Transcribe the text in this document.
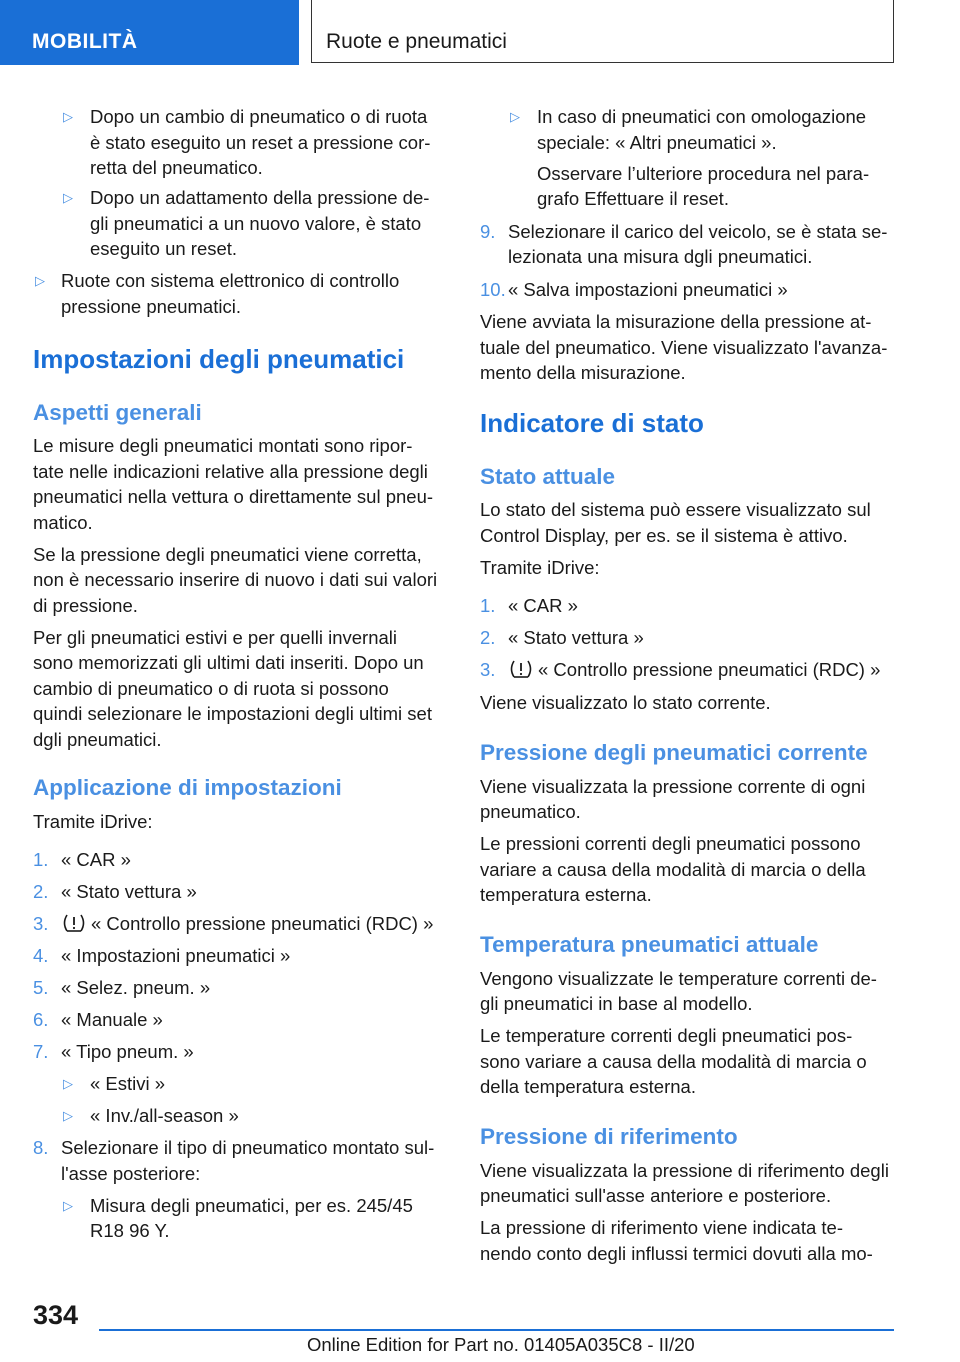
MOBILITÀ	Ruote e pneumatici
▷ Dopo un cambio di pneumatico o di ruota
è stato eseguito un reset a pressione cor-
retta del pneumatico.
▷ Dopo un adattamento della pressione de-
gli pneumatici a un nuovo valore, è stato
eseguito un reset.
▷ Ruote con sistema elettronico di controllo
pressione pneumatici.
Impostazioni degli pneumatici
Aspetti generali
Le misure degli pneumatici montati sono ripor-
tate nelle indicazioni relative alla pressione degli
pneumatici nella vettura o direttamente sul pneu-
matico.
Se la pressione degli pneumatici viene corretta,
non è necessario inserire di nuovo i dati sui valori
di pressione.
Per gli pneumatici estivi e per quelli invernali
sono memorizzati gli ultimi dati inseriti. Dopo un
cambio di pneumatico o di ruota si possono
quindi selezionare le impostazioni degli ultimi set
dgli pneumatici.
Applicazione di impostazioni
Tramite iDrive:
1. « CAR »
2. « Stato vettura »
3. « Controllo pressione pneumatici (RDC) »
4. « Impostazioni pneumatici »
5. « Selez. pneum. »
6. « Manuale »
7. « Tipo pneum. »
▷ « Estivi »
▷ « Inv./all-season »
8. Selezionare il tipo di pneumatico montato sul-
l'asse posteriore:
▷ Misura degli pneumatici, per es. 245/45
R18 96 Y.
▷ In caso di pneumatici con omologazione
speciale: « Altri pneumatici ».
Osservare l’ulteriore procedura nel para-
grafo Effettuare il reset.
9. Selezionare il carico del veicolo, se è stata se-
lezionata una misura dgli pneumatici.
10. « Salva impostazioni pneumatici »
Viene avviata la misurazione della pressione at-
tuale del pneumatico. Viene visualizzato l'avanza-
mento della misurazione.
Indicatore di stato
Stato attuale
Lo stato del sistema può essere visualizzato sul
Control Display, per es. se il sistema è attivo.
Tramite iDrive:
1. « CAR »
2. « Stato vettura »
3. « Controllo pressione pneumatici (RDC) »
Viene visualizzato lo stato corrente.
Pressione degli pneumatici corrente
Viene visualizzata la pressione corrente di ogni
pneumatico.
Le pressioni correnti degli pneumatici possono
variare a causa della modalità di marcia o della
temperatura esterna.
Temperatura pneumatici attuale
Vengono visualizzate le temperature correnti de-
gli pneumatici in base al modello.
Le temperature correnti degli pneumatici pos-
sono variare a causa della modalità di marcia o
della temperatura esterna.
Pressione di riferimento
Viene visualizzata la pressione di riferimento degli
pneumatici sull'asse anteriore e posteriore.
La pressione di riferimento viene indicata te-
nendo conto degli influssi termici dovuti alla mo-
334
Online Edition for Part no. 01405A035C8 - II/20
